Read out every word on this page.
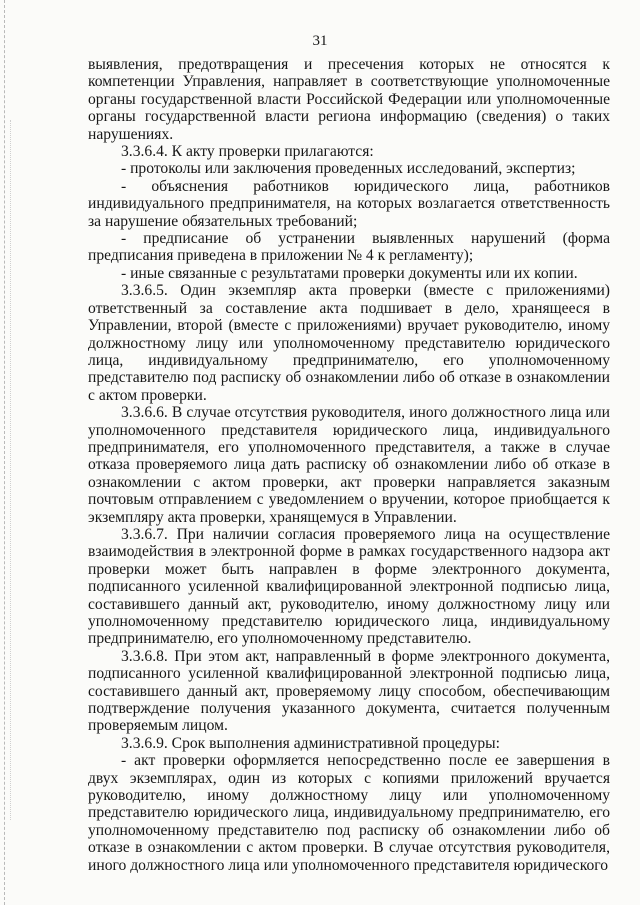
31

выявления, предотвращения и пресечения которых не относятся к компетенции Управления, направляет в соответствующие уполномоченные органы государственной власти Российской Федерации или уполномоченные органы государственной власти региона информацию (сведения) о таких нарушениях.

3.3.6.4. К акту проверки прилагаются:

- протоколы или заключения проведенных исследований, экспертиз;

- объяснения работников юридического лица, работников индивидуального предпринимателя, на которых возлагается ответственность за нарушение обязательных требований;

- предписание об устранении выявленных нарушений (форма предписания приведена в приложении № 4 к регламенту);

- иные связанные с результатами проверки документы или их копии.

3.3.6.5. Один экземпляр акта проверки (вместе с приложениями) ответственный за составление акта подшивает в дело, хранящееся в Управлении, второй (вместе с приложениями) вручает руководителю, иному должностному лицу или уполномоченному представителю юридического лица, индивидуальному предпринимателю, его уполномоченному представителю под расписку об ознакомлении либо об отказе в ознакомлении с актом проверки.

3.3.6.6. В случае отсутствия руководителя, иного должностного лица или уполномоченного представителя юридического лица, индивидуального предпринимателя, его уполномоченного представителя, а также в случае отказа проверяемого лица дать расписку об ознакомлении либо об отказе в ознакомлении с актом проверки, акт проверки направляется заказным почтовым отправлением с уведомлением о вручении, которое приобщается к экземпляру акта проверки, хранящемуся в Управлении.

3.3.6.7. При наличии согласия проверяемого лица на осуществление взаимодействия в электронной форме в рамках государственного надзора акт проверки может быть направлен в форме электронного документа, подписанного усиленной квалифицированной электронной подписью лица, составившего данный акт, руководителю, иному должностному лицу или уполномоченному представителю юридического лица, индивидуальному предпринимателю, его уполномоченному представителю.

3.3.6.8. При этом акт, направленный в форме электронного документа, подписанного усиленной квалифицированной электронной подписью лица, составившего данный акт, проверяемому лицу способом, обеспечивающим подтверждение получения указанного документа, считается полученным проверяемым лицом.

3.3.6.9. Срок выполнения административной процедуры:

- акт проверки оформляется непосредственно после ее завершения в двух экземплярах, один из которых с копиями приложений вручается руководителю, иному должностному лицу или уполномоченному представителю юридического лица, индивидуальному предпринимателю, его уполномоченному представителю под расписку об ознакомлении либо об отказе в ознакомлении с актом проверки. В случае отсутствия руководителя, иного должностного лица или уполномоченного представителя юридического
